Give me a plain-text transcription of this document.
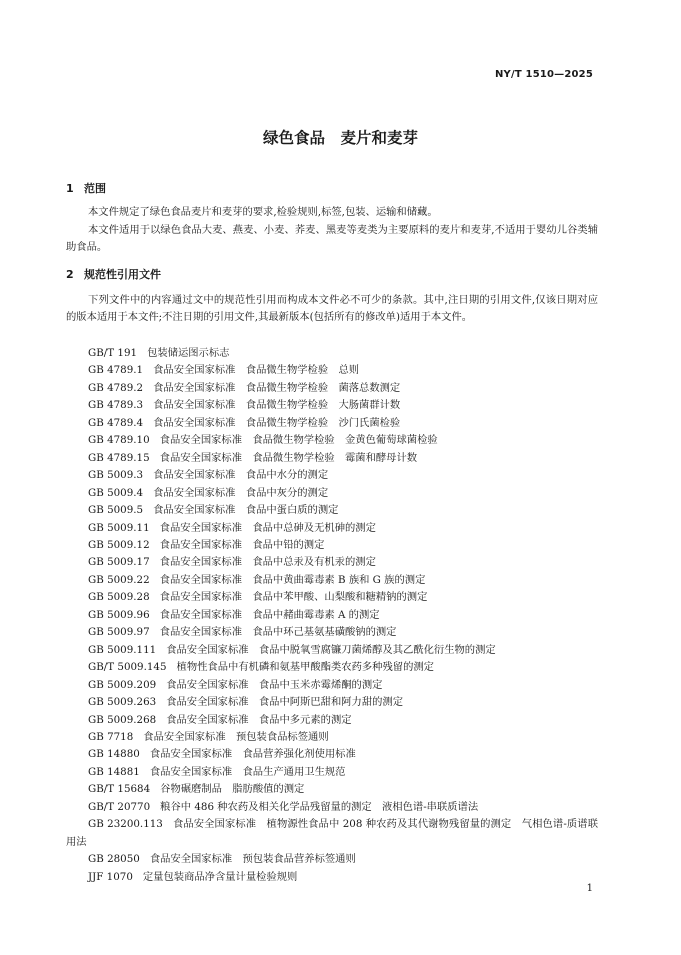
NY/T 1510—2025
绿色食品　麦片和麦芽
1 范围
本文件规定了绿色食品麦片和麦芽的要求,检验规则,标签,包装、运输和储藏。
本文件适用于以绿色食品大麦、燕麦、小麦、荞麦、黑麦等麦类为主要原料的麦片和麦芽,不适用于婴幼儿谷类辅助食品。
2 规范性引用文件
下列文件中的内容通过文中的规范性引用而构成本文件必不可少的条款。其中,注日期的引用文件,仅该日期对应的版本适用于本文件;不注日期的引用文件,其最新版本(包括所有的修改单)适用于本文件。
GB/T 191 包装储运图示标志
GB 4789.1 食品安全国家标准　食品微生物学检验　总则
GB 4789.2 食品安全国家标准　食品微生物学检验　菌落总数测定
GB 4789.3 食品安全国家标准　食品微生物学检验　大肠菌群计数
GB 4789.4 食品安全国家标准　食品微生物学检验　沙门氏菌检验
GB 4789.10 食品安全国家标准　食品微生物学检验　金黄色葡萄球菌检验
GB 4789.15 食品安全国家标准　食品微生物学检验　霉菌和酵母计数
GB 5009.3 食品安全国家标准　食品中水分的测定
GB 5009.4 食品安全国家标准　食品中灰分的测定
GB 5009.5 食品安全国家标准　食品中蛋白质的测定
GB 5009.11 食品安全国家标准　食品中总砷及无机砷的测定
GB 5009.12 食品安全国家标准　食品中铅的测定
GB 5009.17 食品安全国家标准　食品中总汞及有机汞的测定
GB 5009.22 食品安全国家标准　食品中黄曲霉毒素 B 族和 G 族的测定
GB 5009.28 食品安全国家标准　食品中苯甲酸、山梨酸和糖精钠的测定
GB 5009.96 食品安全国家标准　食品中赭曲霉毒素 A 的测定
GB 5009.97 食品安全国家标准　食品中环己基氨基磺酸钠的测定
GB 5009.111 食品安全国家标准　食品中脱氧雪腐镰刀菌烯醇及其乙酰化衍生物的测定
GB/T 5009.145 植物性食品中有机磷和氨基甲酸酯类农药多种残留的测定
GB 5009.209 食品安全国家标准　食品中玉米赤霉烯酮的测定
GB 5009.263 食品安全国家标准　食品中阿斯巴甜和阿力甜的测定
GB 5009.268 食品安全国家标准　食品中多元素的测定
GB 7718 食品安全国家标准　预包装食品标签通则
GB 14880 食品安全国家标准　食品营养强化剂使用标准
GB 14881 食品安全国家标准　食品生产通用卫生规范
GB/T 15684 谷物碾磨制品　脂肪酸值的测定
GB/T 20770 粮谷中 486 种农药及相关化学品残留量的测定　液相色谱-串联质谱法
GB 23200.113 食品安全国家标准　植物源性食品中 208 种农药及其代谢物残留量的测定　气相色谱-质谱联用法
GB 28050 食品安全国家标准　预包装食品营养标签通则
JJF 1070 定量包装商品净含量计量检验规则
1
